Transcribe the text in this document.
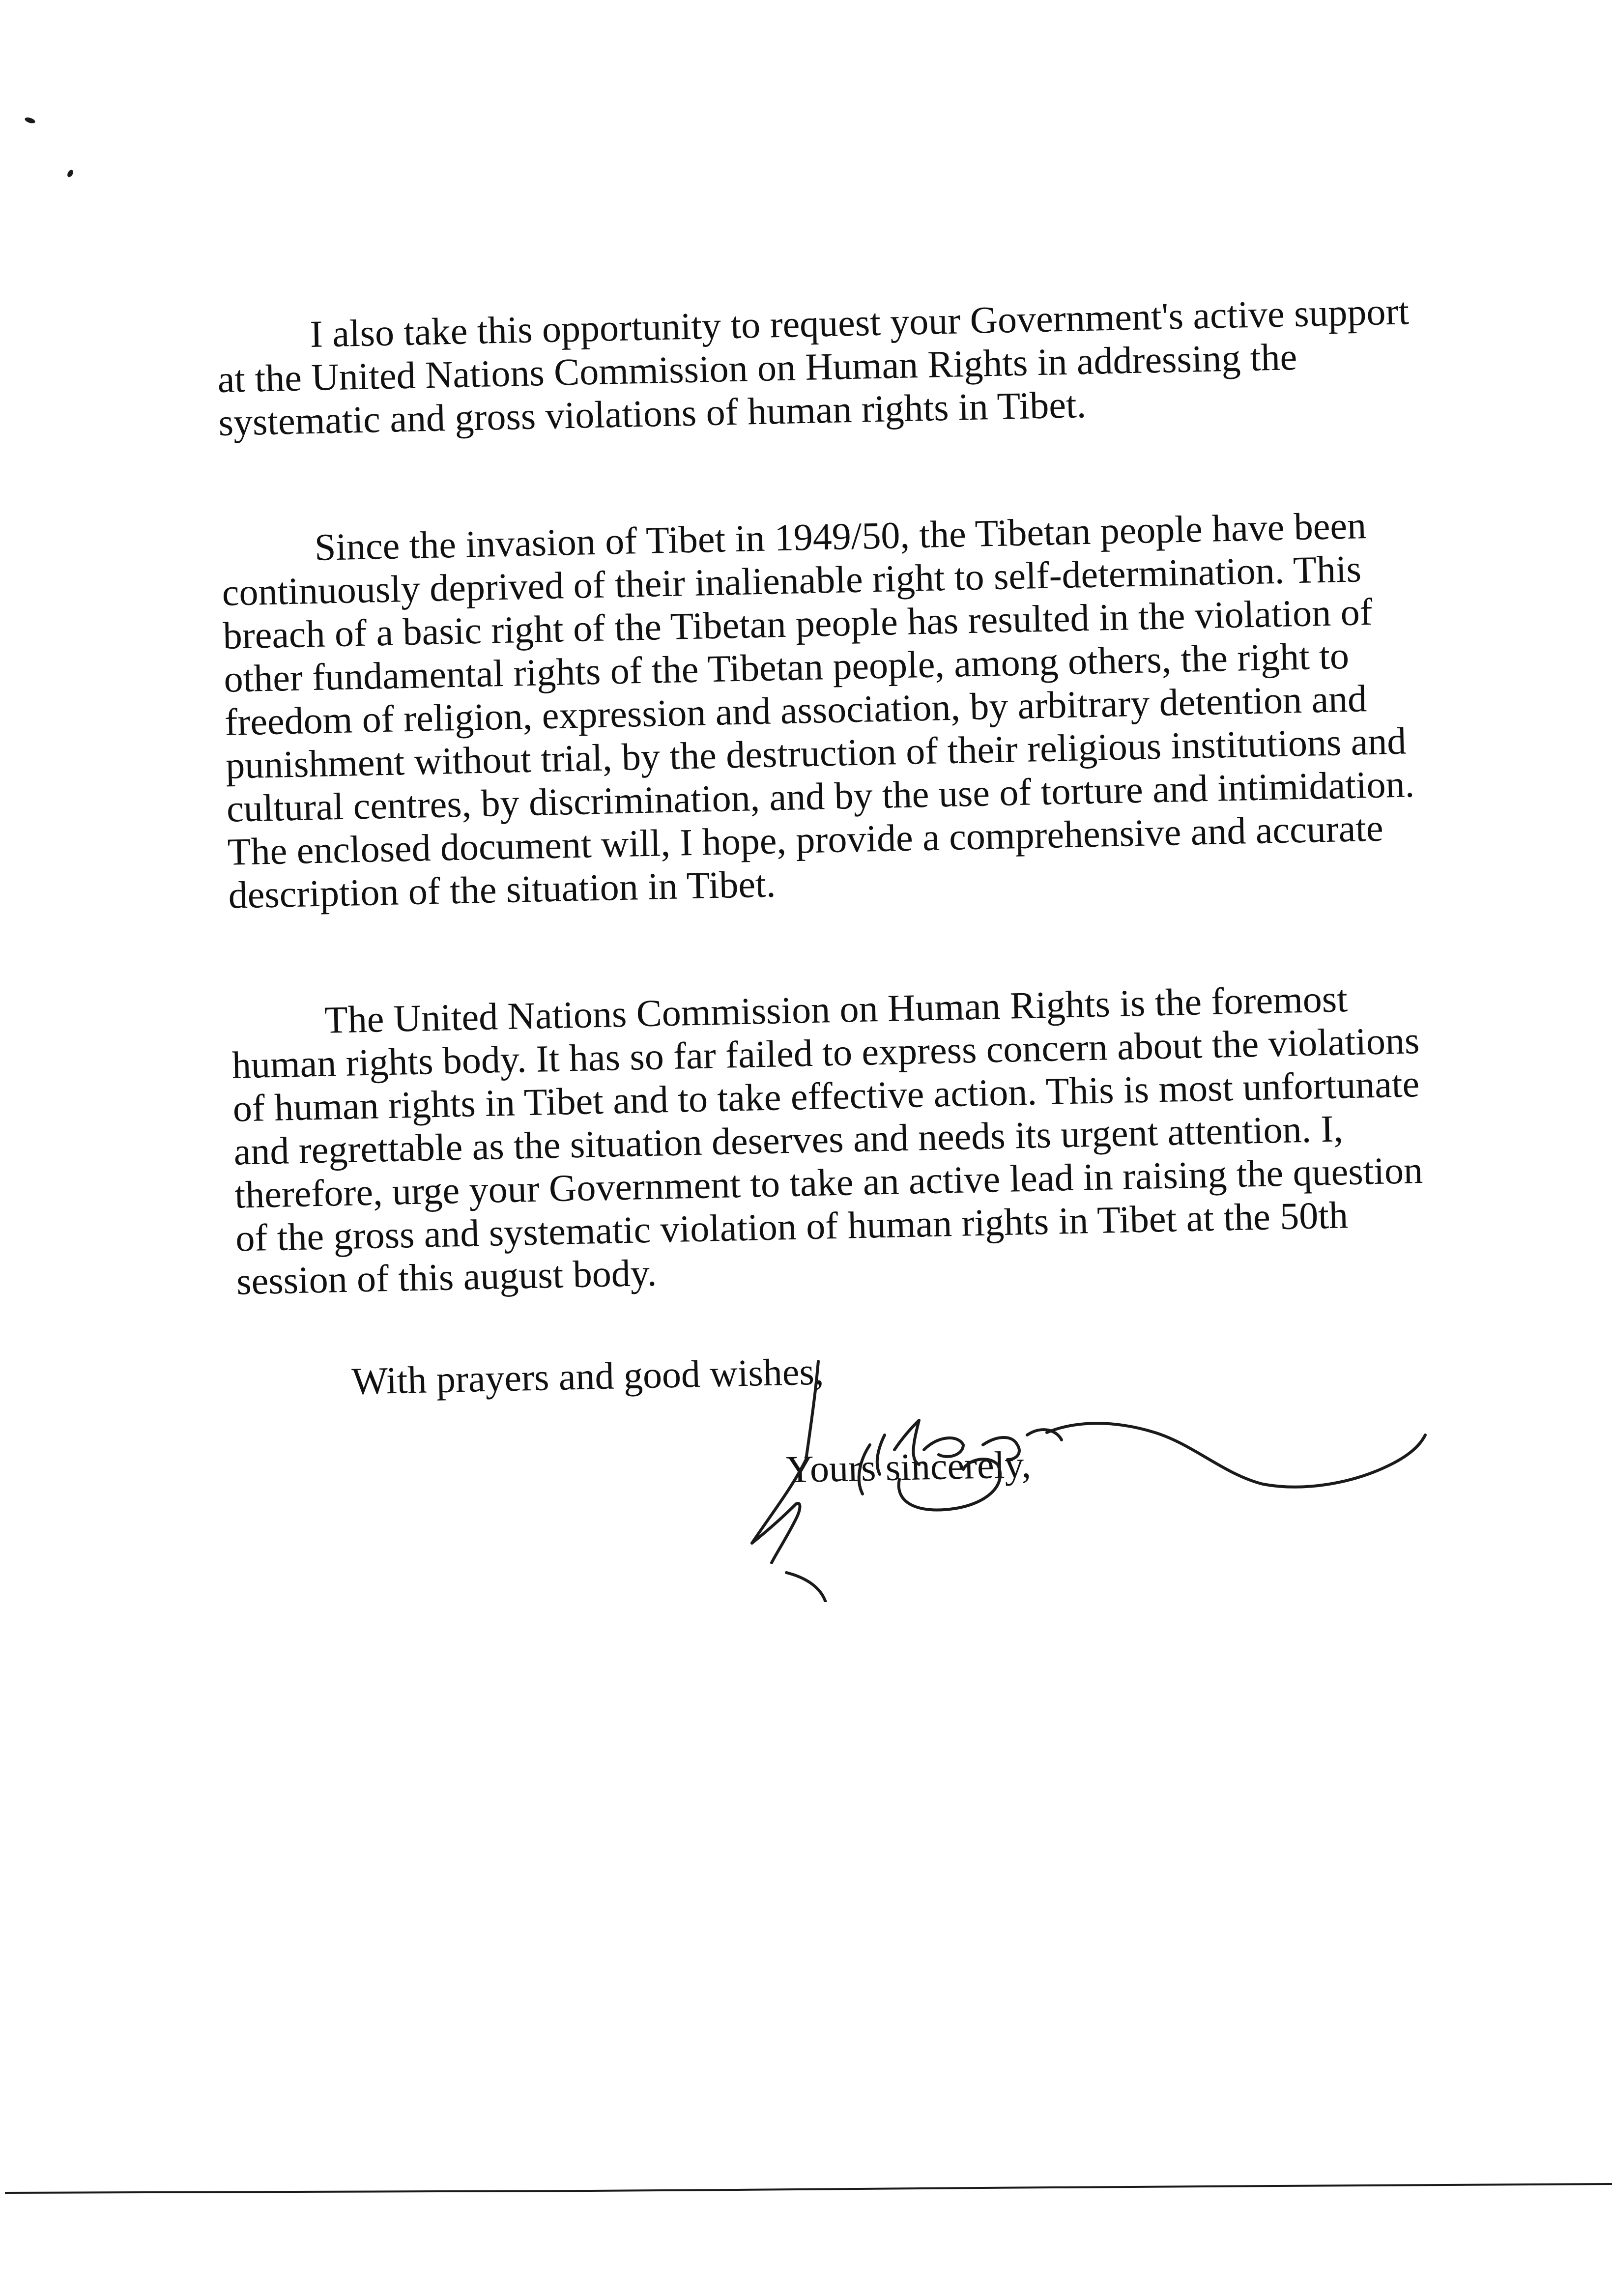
I also take this opportunity to request your Government's active support at the United Nations Commission on Human Rights in addressing the systematic and gross violations of human rights in Tibet.

Since the invasion of Tibet in 1949/50, the Tibetan people have been continuously deprived of their inalienable right to self-determination. This breach of a basic right of the Tibetan people has resulted in the violation of other fundamental rights of the Tibetan people, among others, the right to freedom of religion, expression and association, by arbitrary detention and punishment without trial, by the destruction of their religious institutions and cultural centres, by discrimination, and by the use of torture and intimidation. The enclosed document will, I hope, provide a comprehensive and accurate description of the situation in Tibet.

The United Nations Commission on Human Rights is the foremost human rights body. It has so far failed to express concern about the violations of human rights in Tibet and to take effective action. This is most unfortunate and regrettable as the situation deserves and needs its urgent attention. I, therefore, urge your Government to take an active lead in raising the question of the gross and systematic violation of human rights in Tibet at the 50th session of this august body.

With prayers and good wishes,

Yours sincerely,
